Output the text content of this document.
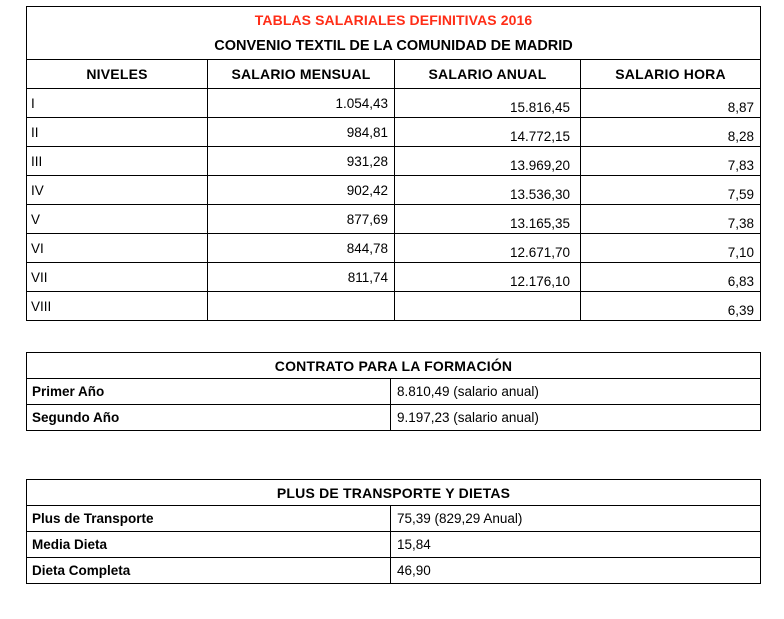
TABLAS SALARIALES DEFINITIVAS 2016			
CONVENIO TEXTIL DE LA COMUNIDAD DE MADRID			
NIVELES	SALARIO MENSUAL	SALARIO ANUAL	SALARIO HORA
I	1.054,43	15.816,45	8,87
II	984,81	14.772,15	8,28
III	931,28	13.969,20	7,83
IV	902,42	13.536,30	7,59
V	877,69	13.165,35	7,38
VI	844,78	12.671,70	7,10
VII	811,74	12.176,10	6,83
VIII			6,39
CONTRATO PARA LA FORMACIÓN	
Primer Año	8.810,49 (salario anual)
Segundo Año	9.197,23 (salario anual)
PLUS DE TRANSPORTE Y DIETAS	
Plus de Transporte	75,39 (829,29 Anual)
Media Dieta	15,84
Dieta Completa	46,90
